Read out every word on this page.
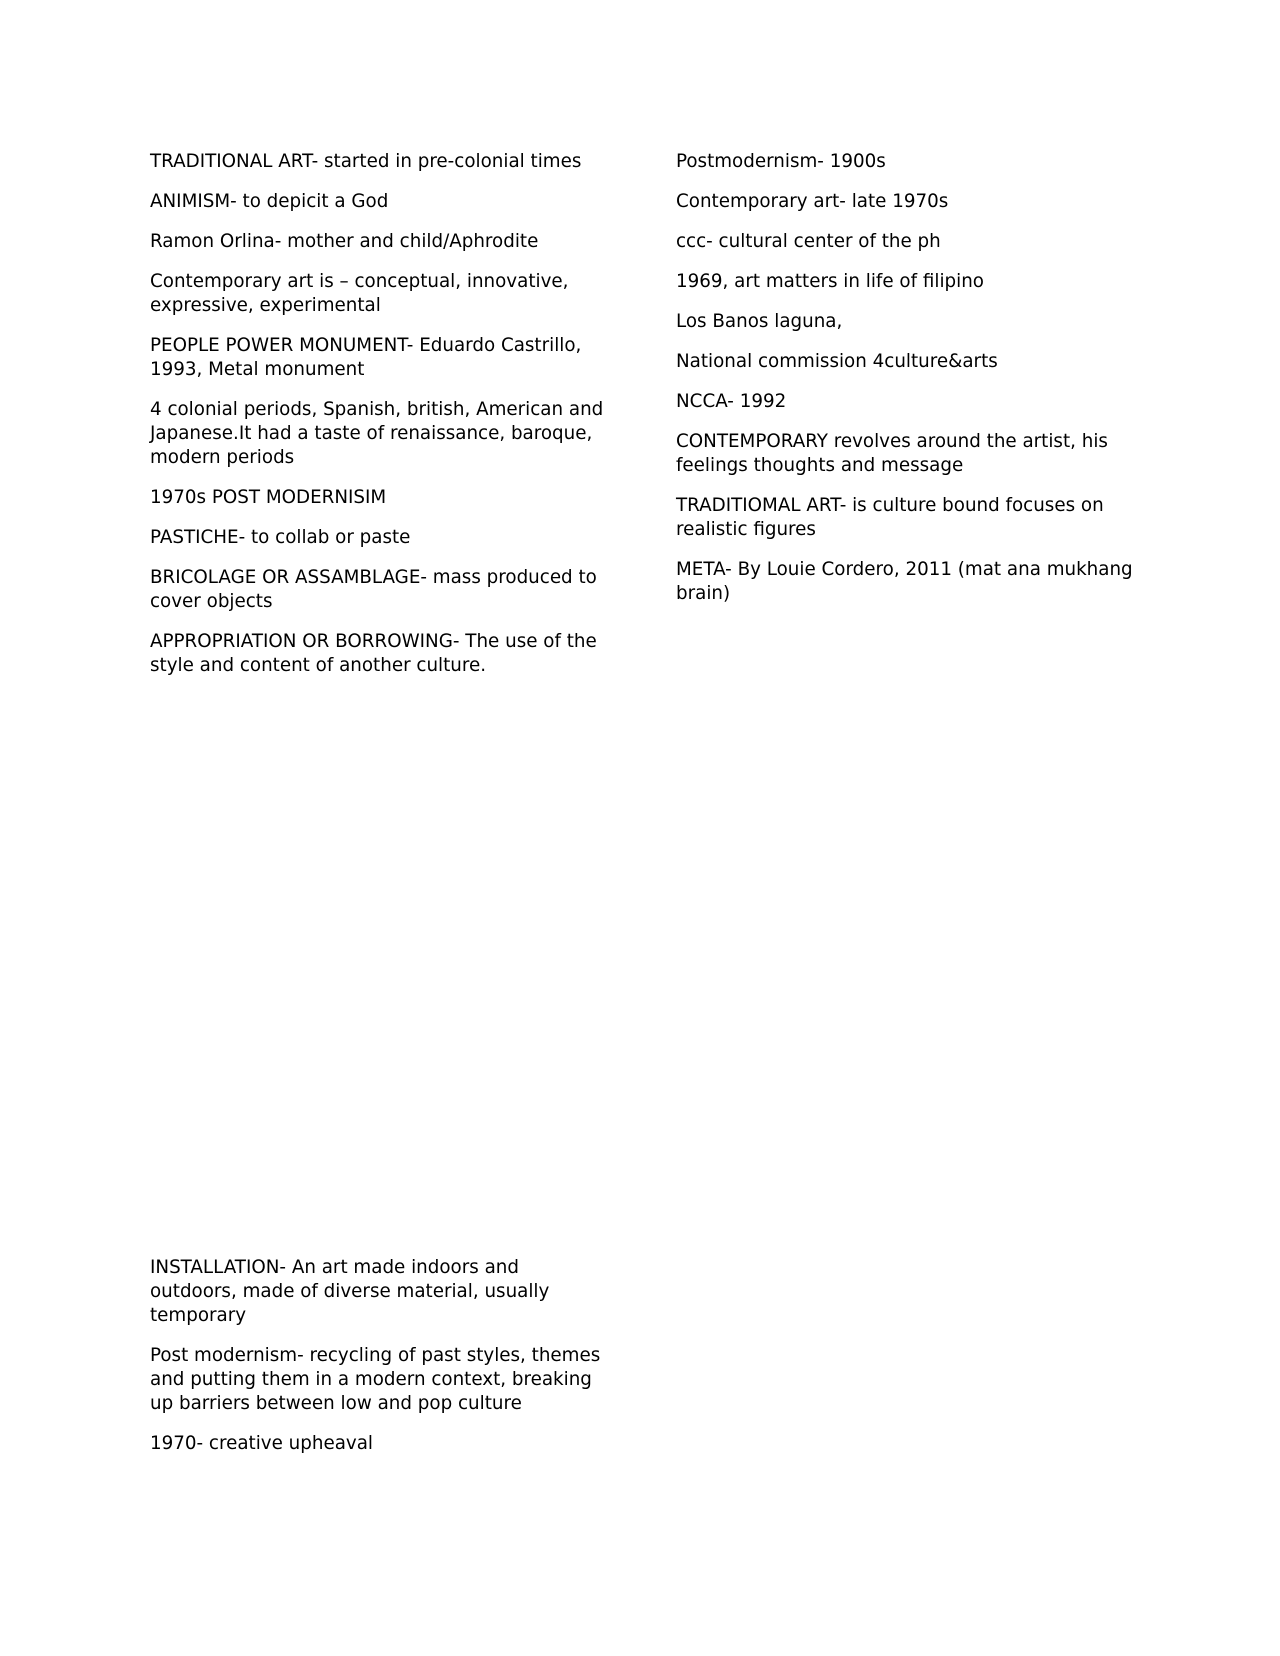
TRADITIONAL ART- started in pre-colonial times

ANIMISM- to depicit a God

Ramon Orlina- mother and child/Aphrodite

Contemporary art is – conceptual, innovative, expressive, experimental

PEOPLE POWER MONUMENT- Eduardo Castrillo, 1993, Metal monument

4 colonial periods, Spanish, british, American and Japanese.It had a taste of renaissance, baroque, modern periods

1970s POST MODERNISIM

PASTICHE- to collab or paste

BRICOLAGE OR ASSAMBLAGE- mass produced to cover objects

APPROPRIATION OR BORROWING- The use of the style and content of another culture.

Postmodernism- 1900s

Contemporary art- late 1970s

ccc- cultural center of the ph

1969, art matters in life of filipino

Los Banos laguna,

National commission 4culture&arts

NCCA- 1992

CONTEMPORARY revolves around the artist, his feelings thoughts and message

TRADITIOMAL ART- is culture bound focuses on realistic figures

META- By Louie Cordero, 2011 (mat ana mukhang brain)

INSTALLATION- An art made indoors and outdoors, made of diverse material, usually temporary

Post modernism- recycling of past styles, themes and putting them in a modern context, breaking up barriers between low and pop culture

1970- creative upheaval
